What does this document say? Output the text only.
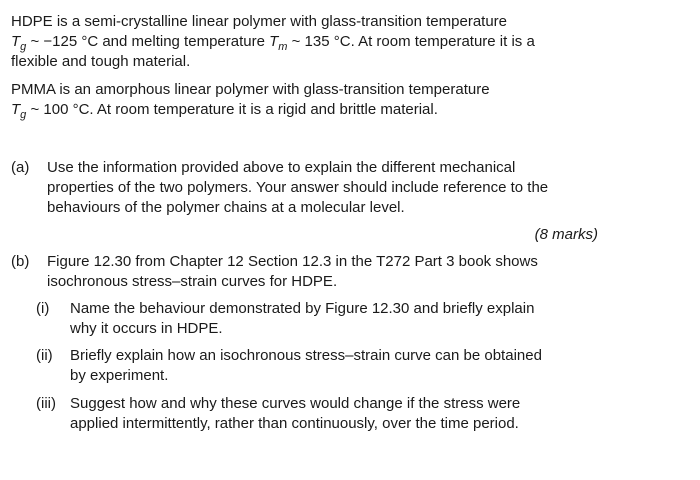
HDPE is a semi-crystalline linear polymer with glass-transition temperature
$T_g$ ~ −125 °C and melting temperature $T_m$ ~ 135 °C. At room temperature it is a
flexible and tough material.

PMMA is an amorphous linear polymer with glass-transition temperature
$T_g$ ~ 100 °C. At room temperature it is a rigid and brittle material.

(a) Use the information provided above to explain the different mechanical
properties of the two polymers. Your answer should include reference to the
behaviours of the polymer chains at a molecular level.
(8 marks)
(b) Figure 12.30 from Chapter 12 Section 12.3 in the T272 Part 3 book shows
isochronous stress–strain curves for HDPE.
(i) Name the behaviour demonstrated by Figure 12.30 and briefly explain
why it occurs in HDPE.
(ii) Briefly explain how an isochronous stress–strain curve can be obtained
by experiment.
(iii) Suggest how and why these curves would change if the stress were
applied intermittently, rather than continuously, over the time period.
